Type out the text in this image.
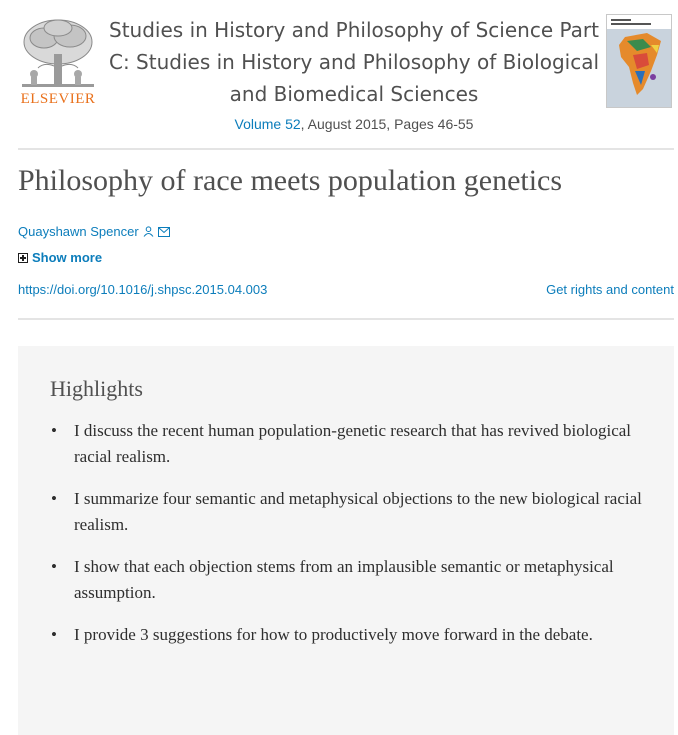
ELSEVIER
Studies in History and Philosophy of Science Part C: Studies in History and Philosophy of Biological and Biomedical Sciences
Volume 52, August 2015, Pages 46-55
Philosophy of race meets population genetics
Quayshawn Spencer
Show more
https://doi.org/10.1016/j.shpsc.2015.04.003	Get rights and content
Highlights
• I discuss the recent human population-genetic research that has revived biological racial realism.
• I summarize four semantic and metaphysical objections to the new biological racial realism.
• I show that each objection stems from an implausible semantic or metaphysical assumption.
• I provide 3 suggestions for how to productively move forward in the debate.
